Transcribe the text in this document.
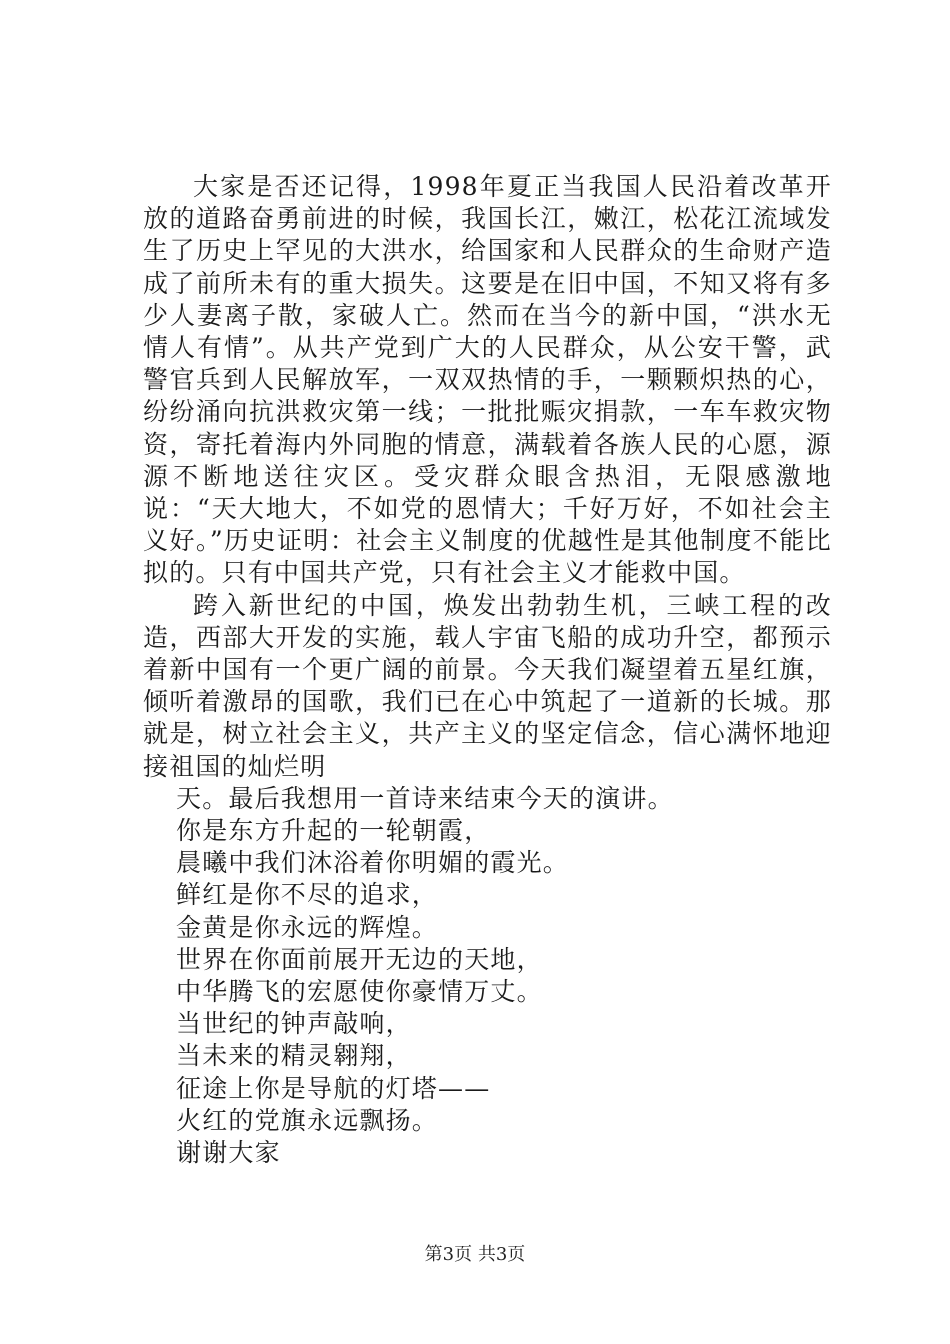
大家是否还记得，1998年夏正当我国人民沿着改革开放的道路奋勇前进的时候，我国长江，嫩江，松花江流域发生了历史上罕见的大洪水，给国家和人民群众的生命财产造成了前所未有的重大损失。这要是在旧中国，不知又将有多少人妻离子散，家破人亡。然而在当今的新中国，“洪水无情人有情”。从共产党到广大的人民群众，从公安干警，武警官兵到人民解放军，一双双热情的手，一颗颗炽热的心，纷纷涌向抗洪救灾第一线；一批批赈灾捐款，一车车救灾物资，寄托着海内外同胞的情意，满载着各族人民的心愿，源源不断地送往灾区。受灾群众眼含热泪，无限感激地说：“天大地大，不如党的恩情大；千好万好，不如社会主义好。”历史证明：社会主义制度的优越性是其他制度不能比拟的。只有中国共产党，只有社会主义才能救中国。

跨入新世纪的中国，焕发出勃勃生机，三峡工程的改造，西部大开发的实施，载人宇宙飞船的成功升空，都预示着新中国有一个更广阔的前景。今天我们凝望着五星红旗，倾听着激昂的国歌，我们已在心中筑起了一道新的长城。那就是，树立社会主义，共产主义的坚定信念，信心满怀地迎接祖国的灿烂明

天。最后我想用一首诗来结束今天的演讲。
你是东方升起的一轮朝霞，
晨曦中我们沐浴着你明媚的霞光。
鲜红是你不尽的追求，
金黄是你永远的辉煌。
世界在你面前展开无边的天地，
中华腾飞的宏愿使你豪情万丈。
当世纪的钟声敲响，
当未来的精灵翱翔，
征途上你是导航的灯塔——
火红的党旗永远飘扬。
谢谢大家
第3页 共3页
